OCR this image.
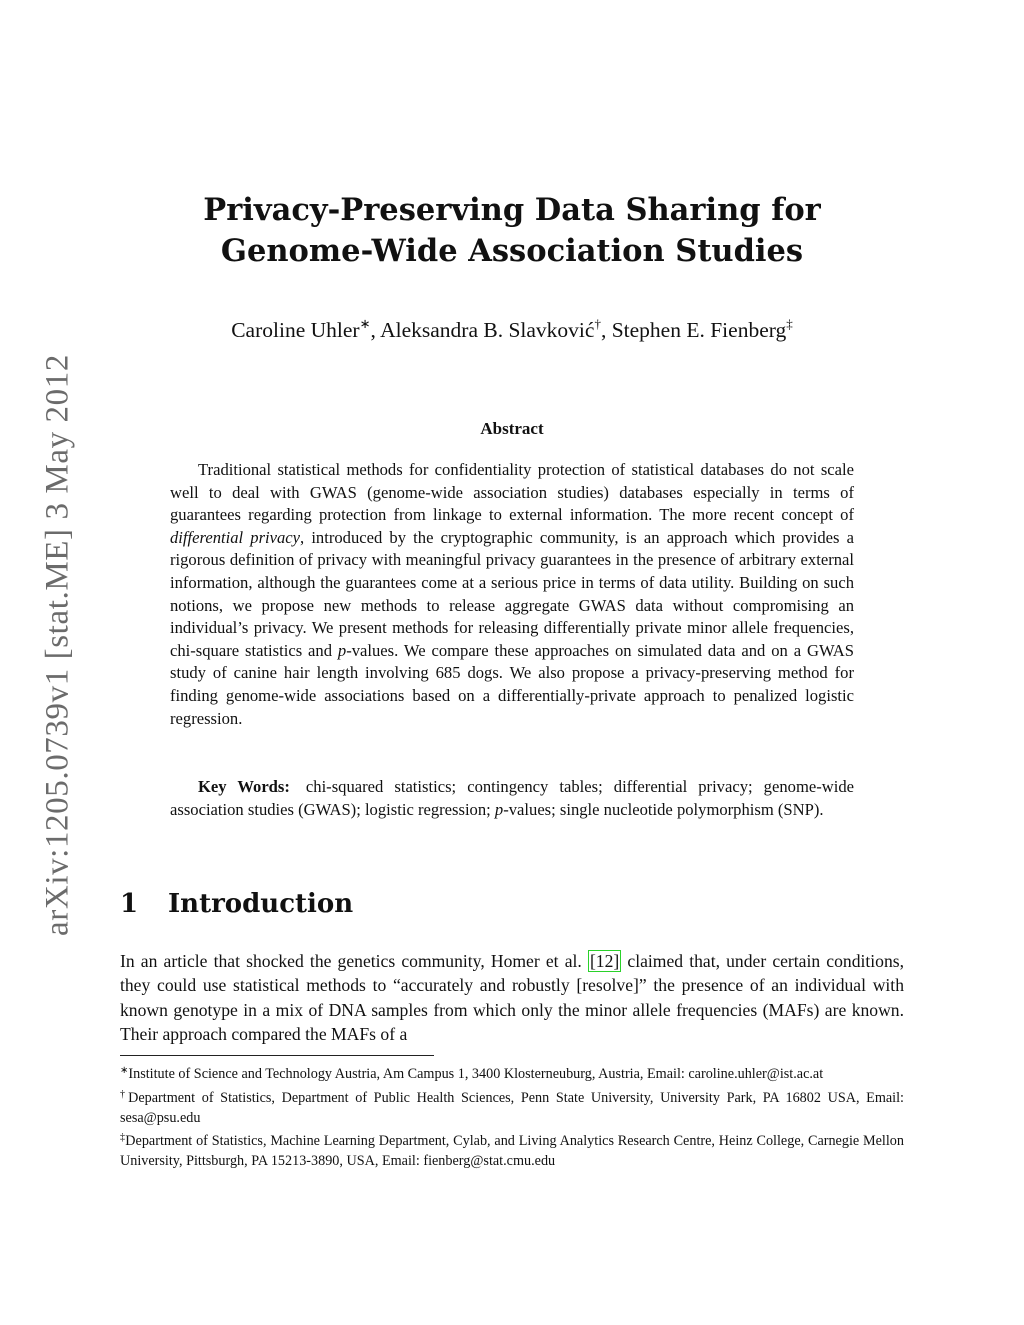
arXiv:1205.0739v1 [stat.ME] 3 May 2012
Privacy-Preserving Data Sharing for
Genome-Wide Association Studies
Caroline Uhler∗, Aleksandra B. Slavković†, Stephen E. Fienberg‡
Abstract

Traditional statistical methods for confidentiality protection of statistical databases do not scale well to deal with GWAS (genome-wide association studies) databases especially in terms of guarantees regarding protection from linkage to external information. The more recent concept of differential privacy, introduced by the cryptographic community, is an approach which provides a rigorous definition of privacy with meaningful privacy guarantees in the presence of arbitrary external information, although the guarantees come at a serious price in terms of data utility. Building on such notions, we propose new methods to release aggregate GWAS data without compromising an individual’s privacy. We present methods for releasing differentially private minor allele frequencies, chi-square statistics and p-values. We compare these approaches on simulated data and on a GWAS study of canine hair length involving 685 dogs. We also propose a privacy-preserving method for finding genome-wide associations based on a differentially-private approach to penalized logistic regression.

Key Words: chi-squared statistics; contingency tables; differential privacy; genome-wide association studies (GWAS); logistic regression; p-values; single nucleotide polymorphism (SNP).

1 Introduction

In an article that shocked the genetics community, Homer et al. [12] claimed that, under certain conditions, they could use statistical methods to “accurately and robustly [resolve]” the presence of an individual with known genotype in a mix of DNA samples from which only the minor allele frequencies (MAFs) are known. Their approach compared the MAFs of a

∗Institute of Science and Technology Austria, Am Campus 1, 3400 Klosterneuburg, Austria, Email: caroline.uhler@ist.ac.at

†Department of Statistics, Department of Public Health Sciences, Penn State University, University Park, PA 16802 USA, Email: sesa@psu.edu

‡Department of Statistics, Machine Learning Department, Cylab, and Living Analytics Research Centre, Heinz College, Carnegie Mellon University, Pittsburgh, PA 15213-3890, USA, Email: fienberg@stat.cmu.edu
